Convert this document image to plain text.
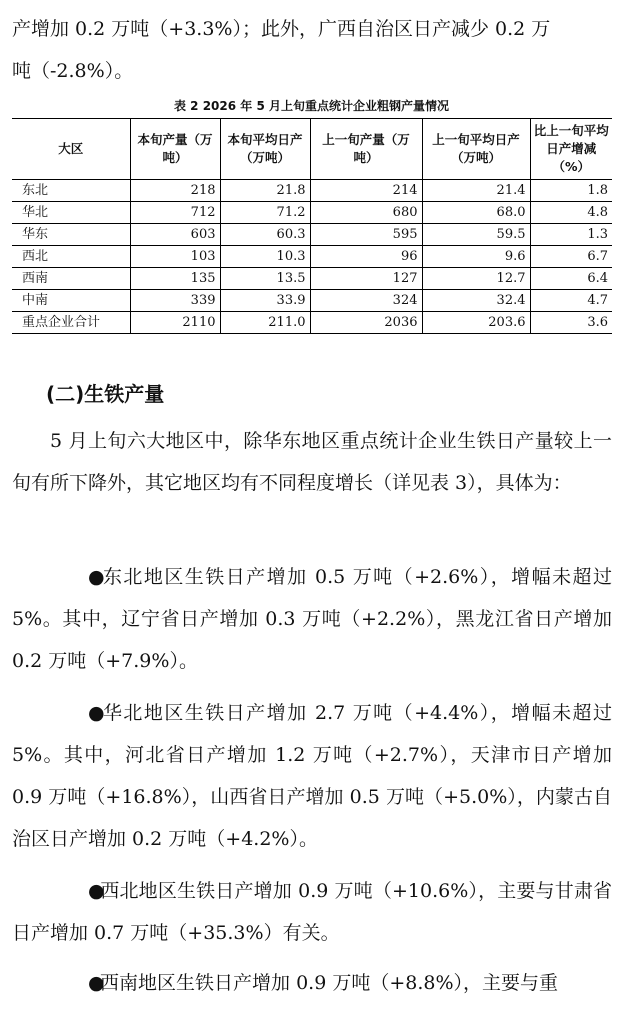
产增加 0.2 万吨（+3.3%）；此外，广西自治区日产减少 0.2 万
吨（-2.8%）。
表 2 2026 年 5 月上旬重点统计企业粗钢产量情况
大区	本旬产量（万吨）	本旬平均日产（万吨）	上一旬产量（万吨）	上一旬平均日产（万吨）	比上一旬平均日产增减（%）
东北	218	21.8	214	21.4	1.8
华北	712	71.2	680	68.0	4.8
华东	603	60.3	595	59.5	1.3
西北	103	10.3	96	9.6	6.7
西南	135	13.5	127	12.7	6.4
中南	339	33.9	324	32.4	4.7
重点企业合计	2110	211.0	2036	203.6	3.6
(二)生铁产量
5 月上旬六大地区中，除华东地区重点统计企业生铁日产量较上一旬有所下降外，其它地区均有不同程度增长（详见表 3），具体为：
● 东北地区生铁日产增加 0.5 万吨（+2.6%），增幅未超过 5%。其中，辽宁省日产增加 0.3 万吨（+2.2%），黑龙江省日产增加 0.2 万吨（+7.9%）。
● 华北地区生铁日产增加 2.7 万吨（+4.4%），增幅未超过 5%。其中，河北省日产增加 1.2 万吨（+2.7%），天津市日产增加 0.9 万吨（+16.8%），山西省日产增加 0.5 万吨（+5.0%），内蒙古自治区日产增加 0.2 万吨（+4.2%）。
● 西北地区生铁日产增加 0.9 万吨（+10.6%），主要与甘肃省日产增加 0.7 万吨（+35.3%）有关。
● 西南地区生铁日产增加 0.9 万吨（+8.8%），主要与重
